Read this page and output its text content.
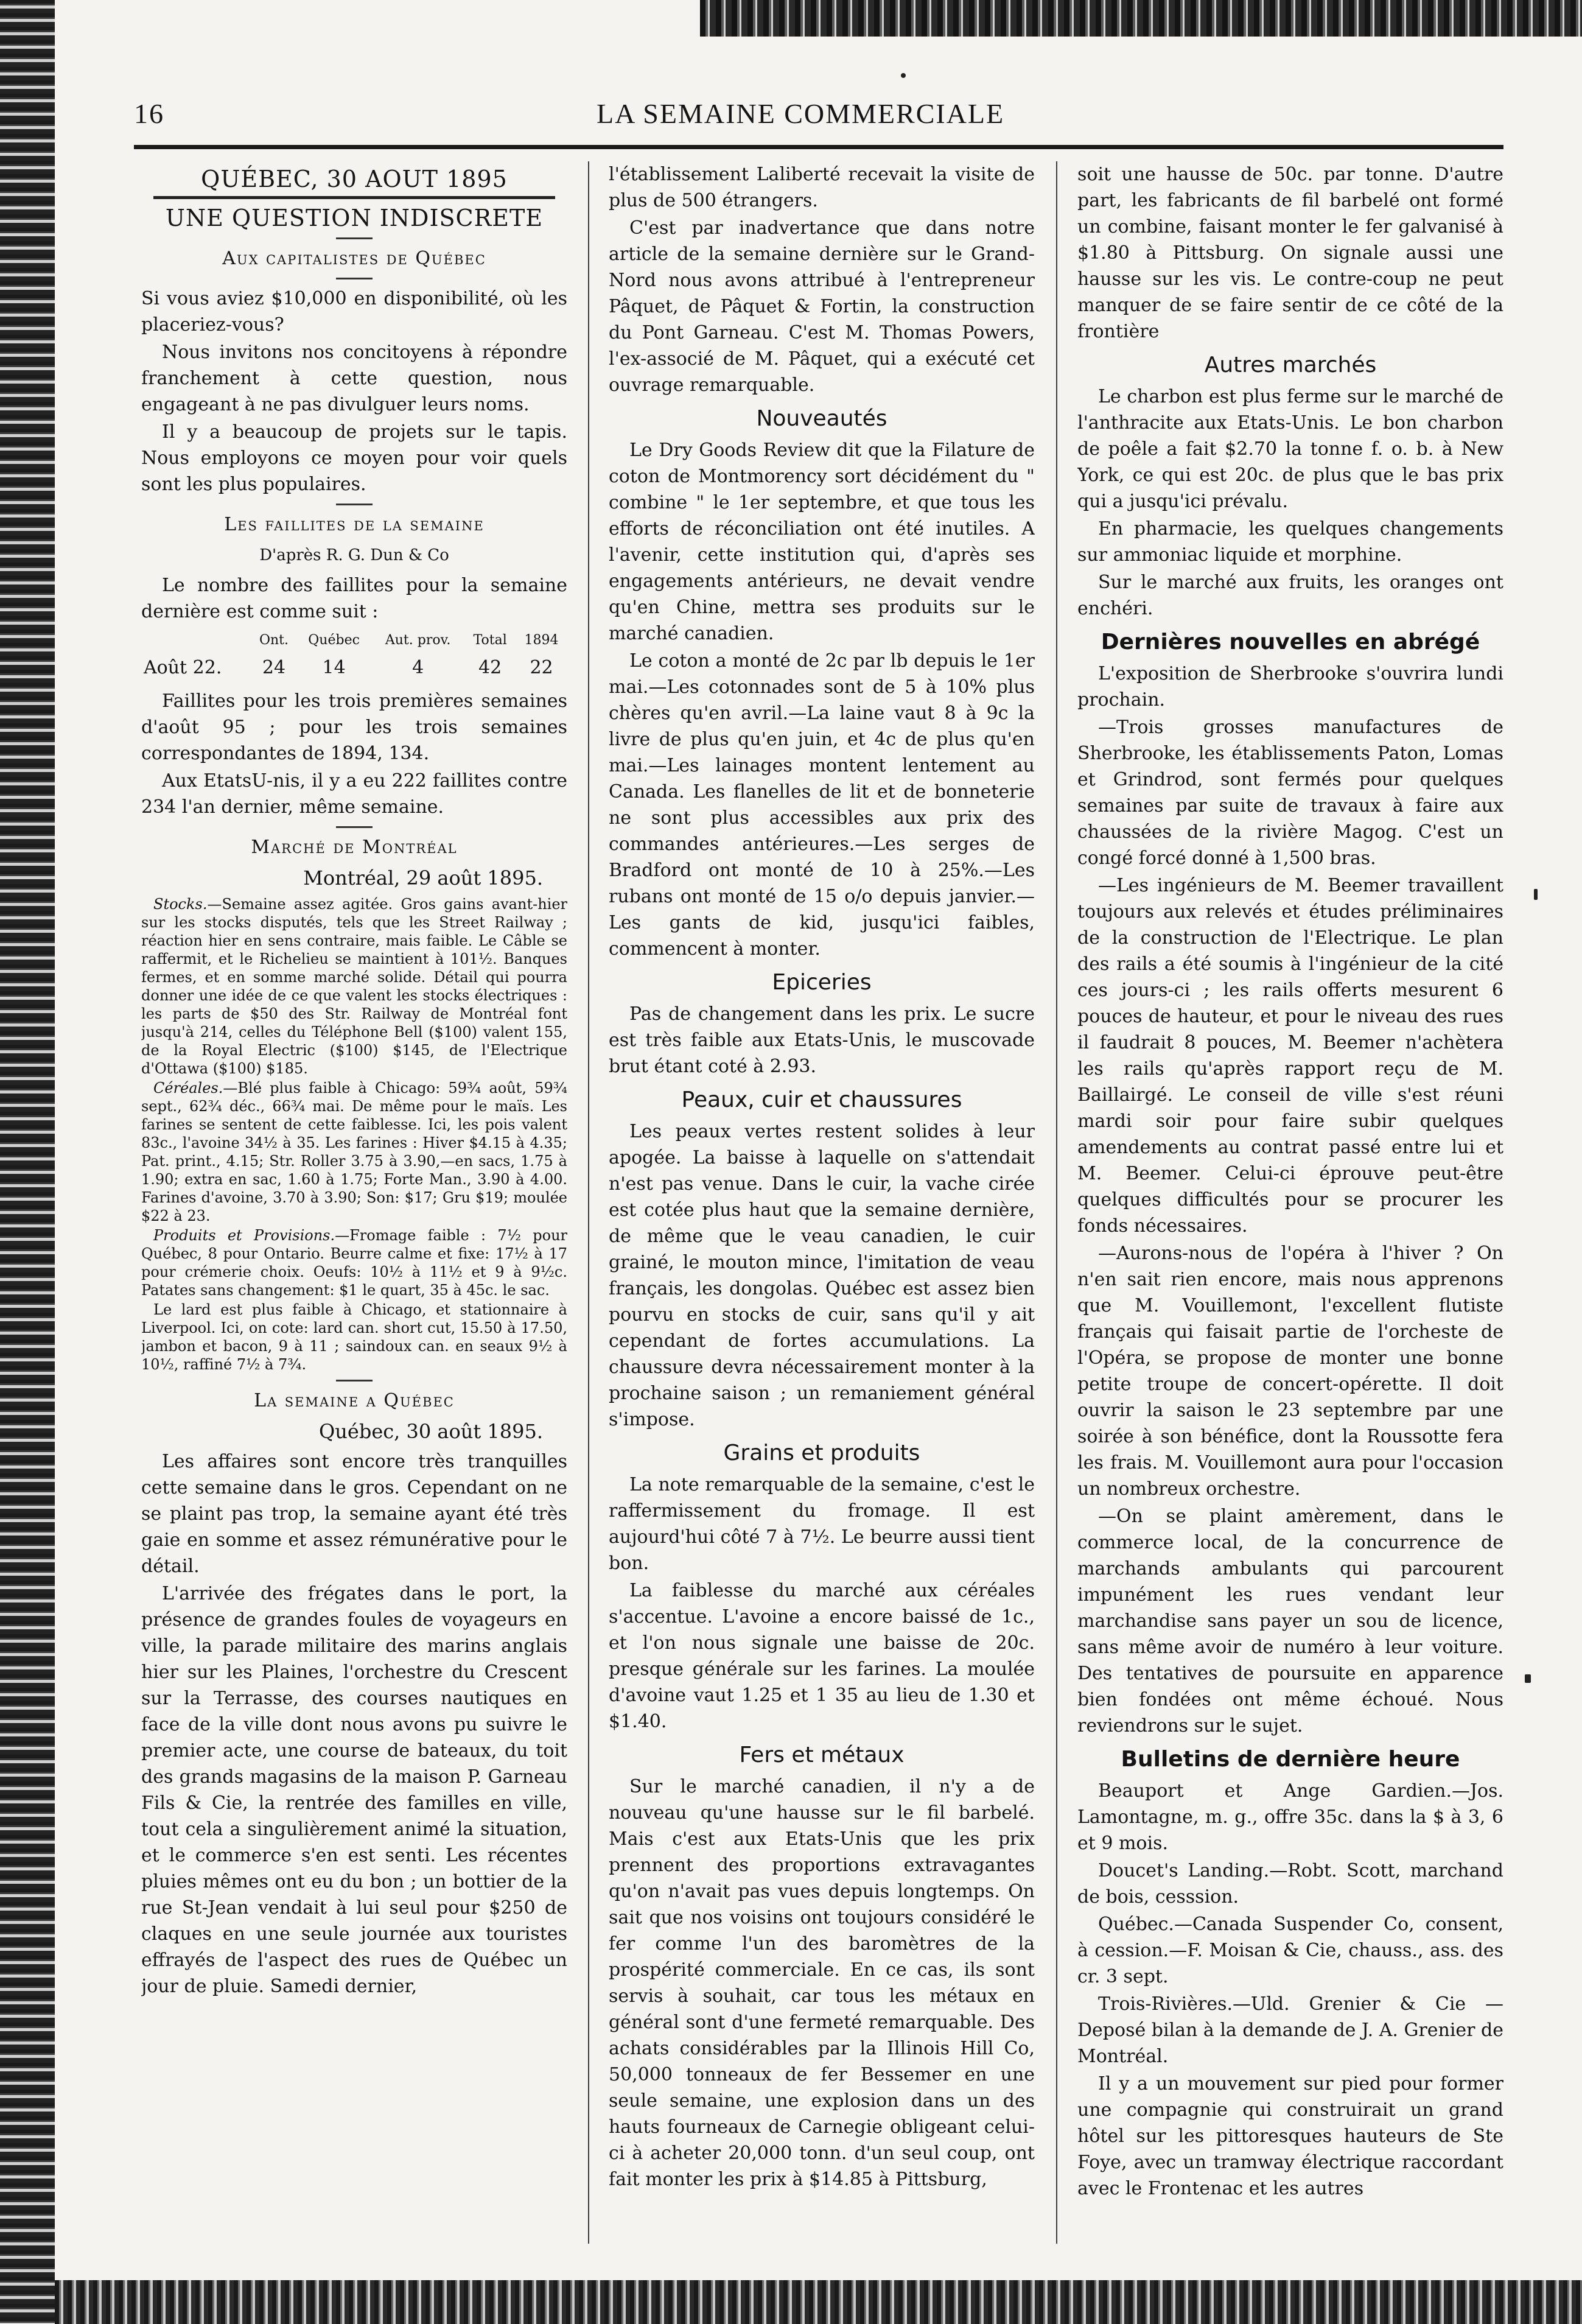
16	LA SEMAINE COMMERCIALE
QUÉBEC, 30 AOUT 1895
UNE QUESTION INDISCRETE
Aux capitalistes de Québec

Si vous aviez $10,000 en disponibilité, où les placeriez-vous?

Nous invitons nos concitoyens à répondre franchement à cette question, nous engageant à ne pas divulguer leurs noms.

Il y a beaucoup de projets sur le tapis. Nous employons ce moyen pour voir quels sont les plus populaires.

Les faillites de la semaine
D'après R. G. Dun & Co

Le nombre des faillites pour la semaine dernière est comme suit :

	Ont.	Québec	Aut. prov.	Total	1894
Août 22.	24	14	4	42	22

Faillites pour les trois premières semaines d'août 95 ; pour les trois semaines correspondantes de 1894, 134.

Aux EtatsU-nis, il y a eu 222 faillites contre 234 l'an dernier, même semaine.

Marché de Montréal
Montréal, 29 août 1895.

Stocks.—Semaine assez agitée. Gros gains avant-hier sur les stocks disputés, tels que les Street Railway ; réaction hier en sens contraire, mais faible. Le Câble se raffermit, et le Richelieu se maintient à 101½. Banques fermes, et en somme marché solide. Détail qui pourra donner une idée de ce que valent les stocks électriques : les parts de $50 des Str. Railway de Montréal font jusqu'à 214, celles du Téléphone Bell ($100) valent 155, de la Royal Electric ($100) $145, de l'Electrique d'Ottawa ($100) $185.

Céréales.—Blé plus faible à Chicago: 59¾ août, 59¾ sept., 62¾ déc., 66¾ mai. De même pour le maïs. Les farines se sentent de cette faiblesse. Ici, les pois valent 83c., l'avoine 34½ à 35. Les farines : Hiver $4.15 à 4.35; Pat. print., 4.15; Str. Roller 3.75 à 3.90,—en sacs, 1.75 à 1.90; extra en sac, 1.60 à 1.75; Forte Man., 3.90 à 4.00. Farines d'avoine, 3.70 à 3.90; Son: $17; Gru $19; moulée $22 à 23.

Produits et Provisions.—Fromage faible : 7½ pour Québec, 8 pour Ontario. Beurre calme et fixe: 17½ à 17 pour crémerie choix. Oeufs: 10½ à 11½ et 9 à 9½c. Patates sans changement: $1 le quart, 35 à 45c. le sac.

Le lard est plus faible à Chicago, et stationnaire à Liverpool. Ici, on cote: lard can. short cut, 15.50 à 17.50, jambon et bacon, 9 à 11 ; saindoux can. en seaux 9½ à 10½, raffiné 7½ à 7¾.

La semaine a Québec
Québec, 30 août 1895.

Les affaires sont encore très tranquilles cette semaine dans le gros. Cependant on ne se plaint pas trop, la semaine ayant été très gaie en somme et assez rémunérative pour le détail.

L'arrivée des frégates dans le port, la présence de grandes foules de voyageurs en ville, la parade militaire des marins anglais hier sur les Plaines, l'orchestre du Crescent sur la Terrasse, des courses nautiques en face de la ville dont nous avons pu suivre le premier acte, une course de bateaux, du toit des grands magasins de la maison P. Garneau Fils & Cie, la rentrée des familles en ville, tout cela a singulièrement animé la situation, et le commerce s'en est senti. Les récentes pluies mêmes ont eu du bon ; un bottier de la rue St-Jean vendait à lui seul pour $250 de claques en une seule journée aux touristes effrayés de l'aspect des rues de Québec un jour de pluie. Samedi dernier,

l'établissement Laliberté recevait la visite de plus de 500 étrangers.

C'est par inadvertance que dans notre article de la semaine dernière sur le Grand-Nord nous avons attribué à l'entrepreneur Pâquet, de Pâquet & Fortin, la construction du Pont Garneau. C'est M. Thomas Powers, l'ex-associé de M. Pâquet, qui a exécuté cet ouvrage remarquable.

Nouveautés

Le Dry Goods Review dit que la Filature de coton de Montmorency sort décidément du " combine " le 1er septembre, et que tous les efforts de réconciliation ont été inutiles. A l'avenir, cette institution qui, d'après ses engagements antérieurs, ne devait vendre qu'en Chine, mettra ses produits sur le marché canadien.

Le coton a monté de 2c par lb depuis le 1er mai.—Les cotonnades sont de 5 à 10% plus chères qu'en avril.—La laine vaut 8 à 9c la livre de plus qu'en juin, et 4c de plus qu'en mai.—Les lainages montent lentement au Canada. Les flanelles de lit et de bonneterie ne sont plus accessibles aux prix des commandes antérieures.—Les serges de Bradford ont monté de 10 à 25%.—Les rubans ont monté de 15 o/o depuis janvier.—Les gants de kid, jusqu'ici faibles, commencent à monter.

Epiceries

Pas de changement dans les prix. Le sucre est très faible aux Etats-Unis, le muscovade brut étant coté à 2.93.

Peaux, cuir et chaussures

Les peaux vertes restent solides à leur apogée. La baisse à laquelle on s'attendait n'est pas venue. Dans le cuir, la vache cirée est cotée plus haut que la semaine dernière, de même que le veau canadien, le cuir grainé, le mouton mince, l'imitation de veau français, les dongolas. Québec est assez bien pourvu en stocks de cuir, sans qu'il y ait cependant de fortes accumulations. La chaussure devra nécessairement monter à la prochaine saison ; un remaniement général s'impose.

Grains et produits

La note remarquable de la semaine, c'est le raffermissement du fromage. Il est aujourd'hui côté 7 à 7½. Le beurre aussi tient bon.

La faiblesse du marché aux céréales s'accentue. L'avoine a encore baissé de 1c., et l'on nous signale une baisse de 20c. presque générale sur les farines. La moulée d'avoine vaut 1.25 et 1 35 au lieu de 1.30 et $1.40.

Fers et métaux

Sur le marché canadien, il n'y a de nouveau qu'une hausse sur le fil barbelé. Mais c'est aux Etats-Unis que les prix prennent des proportions extravagantes qu'on n'avait pas vues depuis longtemps. On sait que nos voisins ont toujours considéré le fer comme l'un des baromètres de la prospérité commerciale. En ce cas, ils sont servis à souhait, car tous les métaux en général sont d'une fermeté remarquable. Des achats considérables par la Illinois Hill Co, 50,000 tonneaux de fer Bessemer en une seule semaine, une explosion dans un des hauts fourneaux de Carnegie obligeant celui-ci à acheter 20,000 tonn. d'un seul coup, ont fait monter les prix à $14.85 à Pittsburg,

soit une hausse de 50c. par tonne. D'autre part, les fabricants de fil barbelé ont formé un combine, faisant monter le fer galvanisé à $1.80 à Pittsburg. On signale aussi une hausse sur les vis. Le contre-coup ne peut manquer de se faire sentir de ce côté de la frontière

Autres marchés

Le charbon est plus ferme sur le marché de l'anthracite aux Etats-Unis. Le bon charbon de poêle a fait $2.70 la tonne f. o. b. à New York, ce qui est 20c. de plus que le bas prix qui a jusqu'ici prévalu.

En pharmacie, les quelques changements sur ammoniac liquide et morphine.

Sur le marché aux fruits, les oranges ont enchéri.

Dernières nouvelles en abrégé

L'exposition de Sherbrooke s'ouvrira lundi prochain.

—Trois grosses manufactures de Sherbrooke, les établissements Paton, Lomas et Grindrod, sont fermés pour quelques semaines par suite de travaux à faire aux chaussées de la rivière Magog. C'est un congé forcé donné à 1,500 bras.

—Les ingénieurs de M. Beemer travaillent toujours aux relevés et études préliminaires de la construction de l'Electrique. Le plan des rails a été soumis à l'ingénieur de la cité ces jours-ci ; les rails offerts mesurent 6 pouces de hauteur, et pour le niveau des rues il faudrait 8 pouces, M. Beemer n'achètera les rails qu'après rapport reçu de M. Baillairgé. Le conseil de ville s'est réuni mardi soir pour faire subir quelques amendements au contrat passé entre lui et M. Beemer. Celui-ci éprouve peut-être quelques difficultés pour se procurer les fonds nécessaires.

—Aurons-nous de l'opéra à l'hiver ? On n'en sait rien encore, mais nous apprenons que M. Vouillemont, l'excellent flutiste français qui faisait partie de l'orcheste de l'Opéra, se propose de monter une bonne petite troupe de concert-opérette. Il doit ouvrir la saison le 23 septembre par une soirée à son bénéfice, dont la Roussotte fera les frais. M. Vouillemont aura pour l'occasion un nombreux orchestre.

—On se plaint amèrement, dans le commerce local, de la concurrence de marchands ambulants qui parcourent impunément les rues vendant leur marchandise sans payer un sou de licence, sans même avoir de numéro à leur voiture. Des tentatives de poursuite en apparence bien fondées ont même échoué. Nous reviendrons sur le sujet.

Bulletins de dernière heure

Beauport et Ange Gardien.—Jos. Lamontagne, m. g., offre 35c. dans la $ à 3, 6 et 9 mois.

Doucet's Landing.—Robt. Scott, marchand de bois, cesssion.

Québec.—Canada Suspender Co, consent, à cession.—F. Moisan & Cie, chauss., ass. des cr. 3 sept.

Trois-Rivières.—Uld. Grenier & Cie —Deposé bilan à la demande de J. A. Grenier de Montréal.

Il y a un mouvement sur pied pour former une compagnie qui construirait un grand hôtel sur les pittoresques hauteurs de Ste Foye, avec un tramway électrique raccordant avec le Frontenac et les autres
